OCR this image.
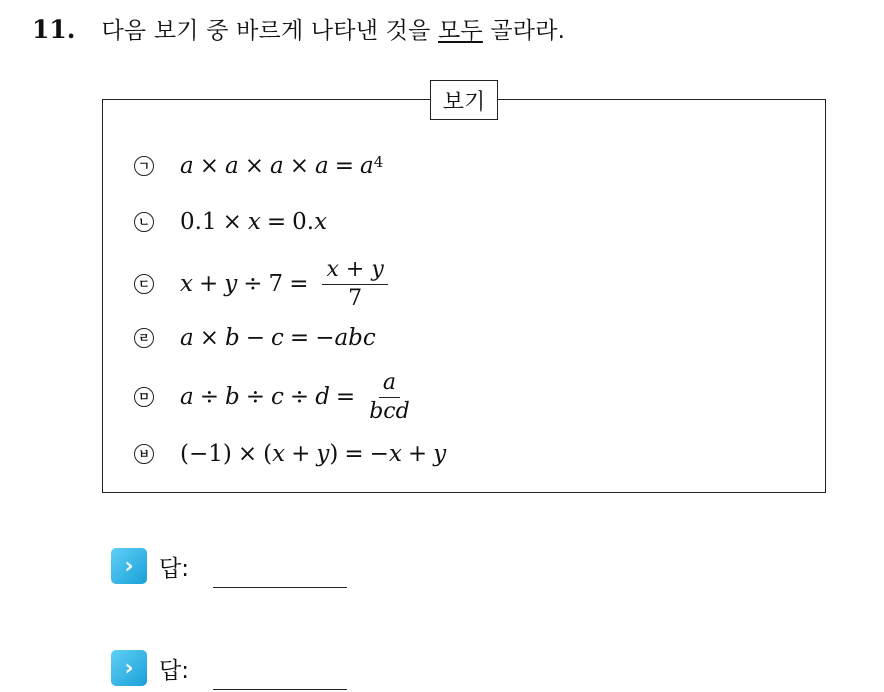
11. 다음 보기 중 바르게 나타낸 것을 모두 골라라.
보기
ㄱ $a \times a \times a \times a = a^4$
ㄴ 0.1 × x = 0. x
ㄷ $x + y \div 7 = \frac{x + y}{7}$
ㄹ a × b − c = − abc
ㅁ $a \div b \div c \div d = \frac{a}{\text{bcd}}$
ㅂ (−1) × ( x + y ) = − x + y
›	답:
›	답:
